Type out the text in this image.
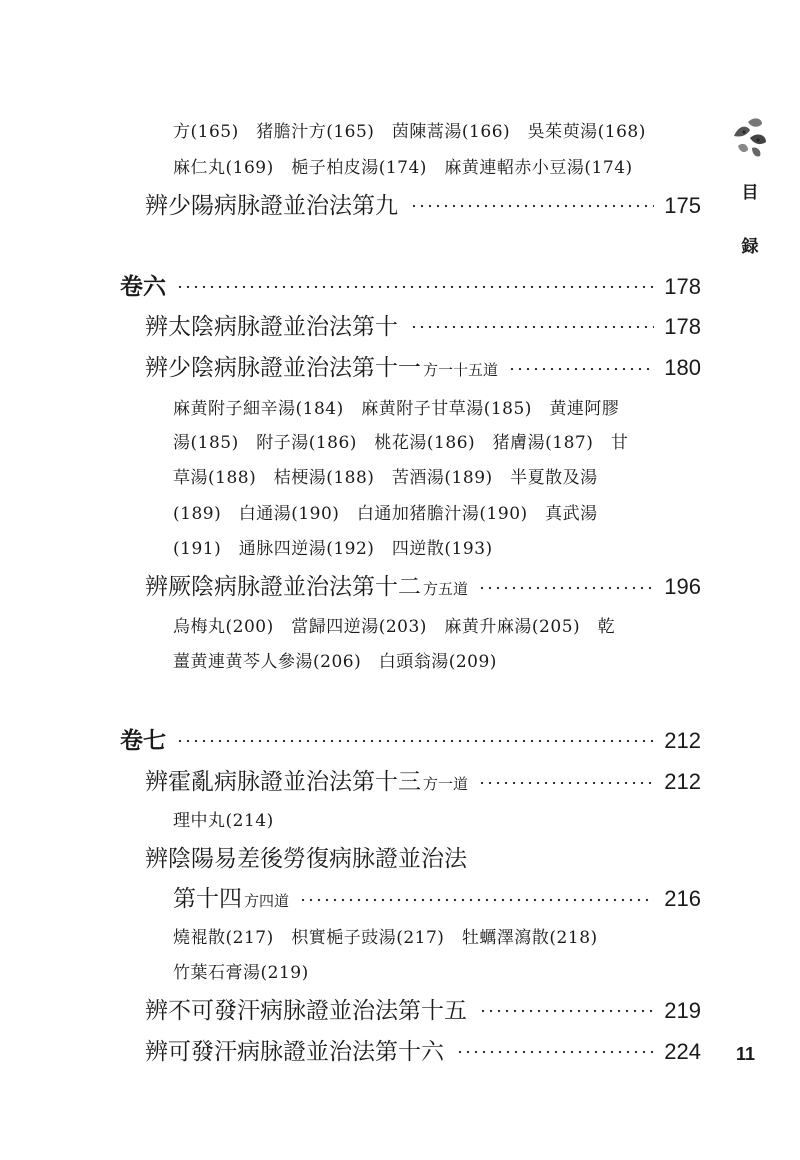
方(165)　猪膽汁方(165)　茵陳蒿湯(166)　吳茱萸湯(168)
麻仁丸(169)　梔子柏皮湯(174)　麻黄連軺赤小豆湯(174)
辨少陽病脉證並治法第九	175
卷六	178
辨太陰病脉證並治法第十	178
辨少陰病脉證並治法第十一 方一十五道	180
麻黄附子細辛湯(184)　麻黄附子甘草湯(185)　黄連阿膠
湯(185)　附子湯(186)　桃花湯(186)　猪膚湯(187)　甘
草湯(188)　桔梗湯(188)　苦酒湯(189)　半夏散及湯
(189)　白通湯(190)　白通加猪膽汁湯(190)　真武湯
(191)　通脉四逆湯(192)　四逆散(193)
辨厥陰病脉證並治法第十二 方五道	196
烏梅丸(200)　當歸四逆湯(203)　麻黄升麻湯(205)　乾
薑黄連黄芩人參湯(206)　白頭翁湯(209)
卷七	212
辨霍亂病脉證並治法第十三 方一道	212
理中丸(214)
辨陰陽易差後勞復病脉證並治法
第十四 方四道	216
燒裩散(217)　枳實梔子豉湯(217)　牡蠣澤瀉散(218)
竹葉石膏湯(219)
辨不可發汗病脉證並治法第十五	219
辨可發汗病脉證並治法第十六	224
目
録
11
